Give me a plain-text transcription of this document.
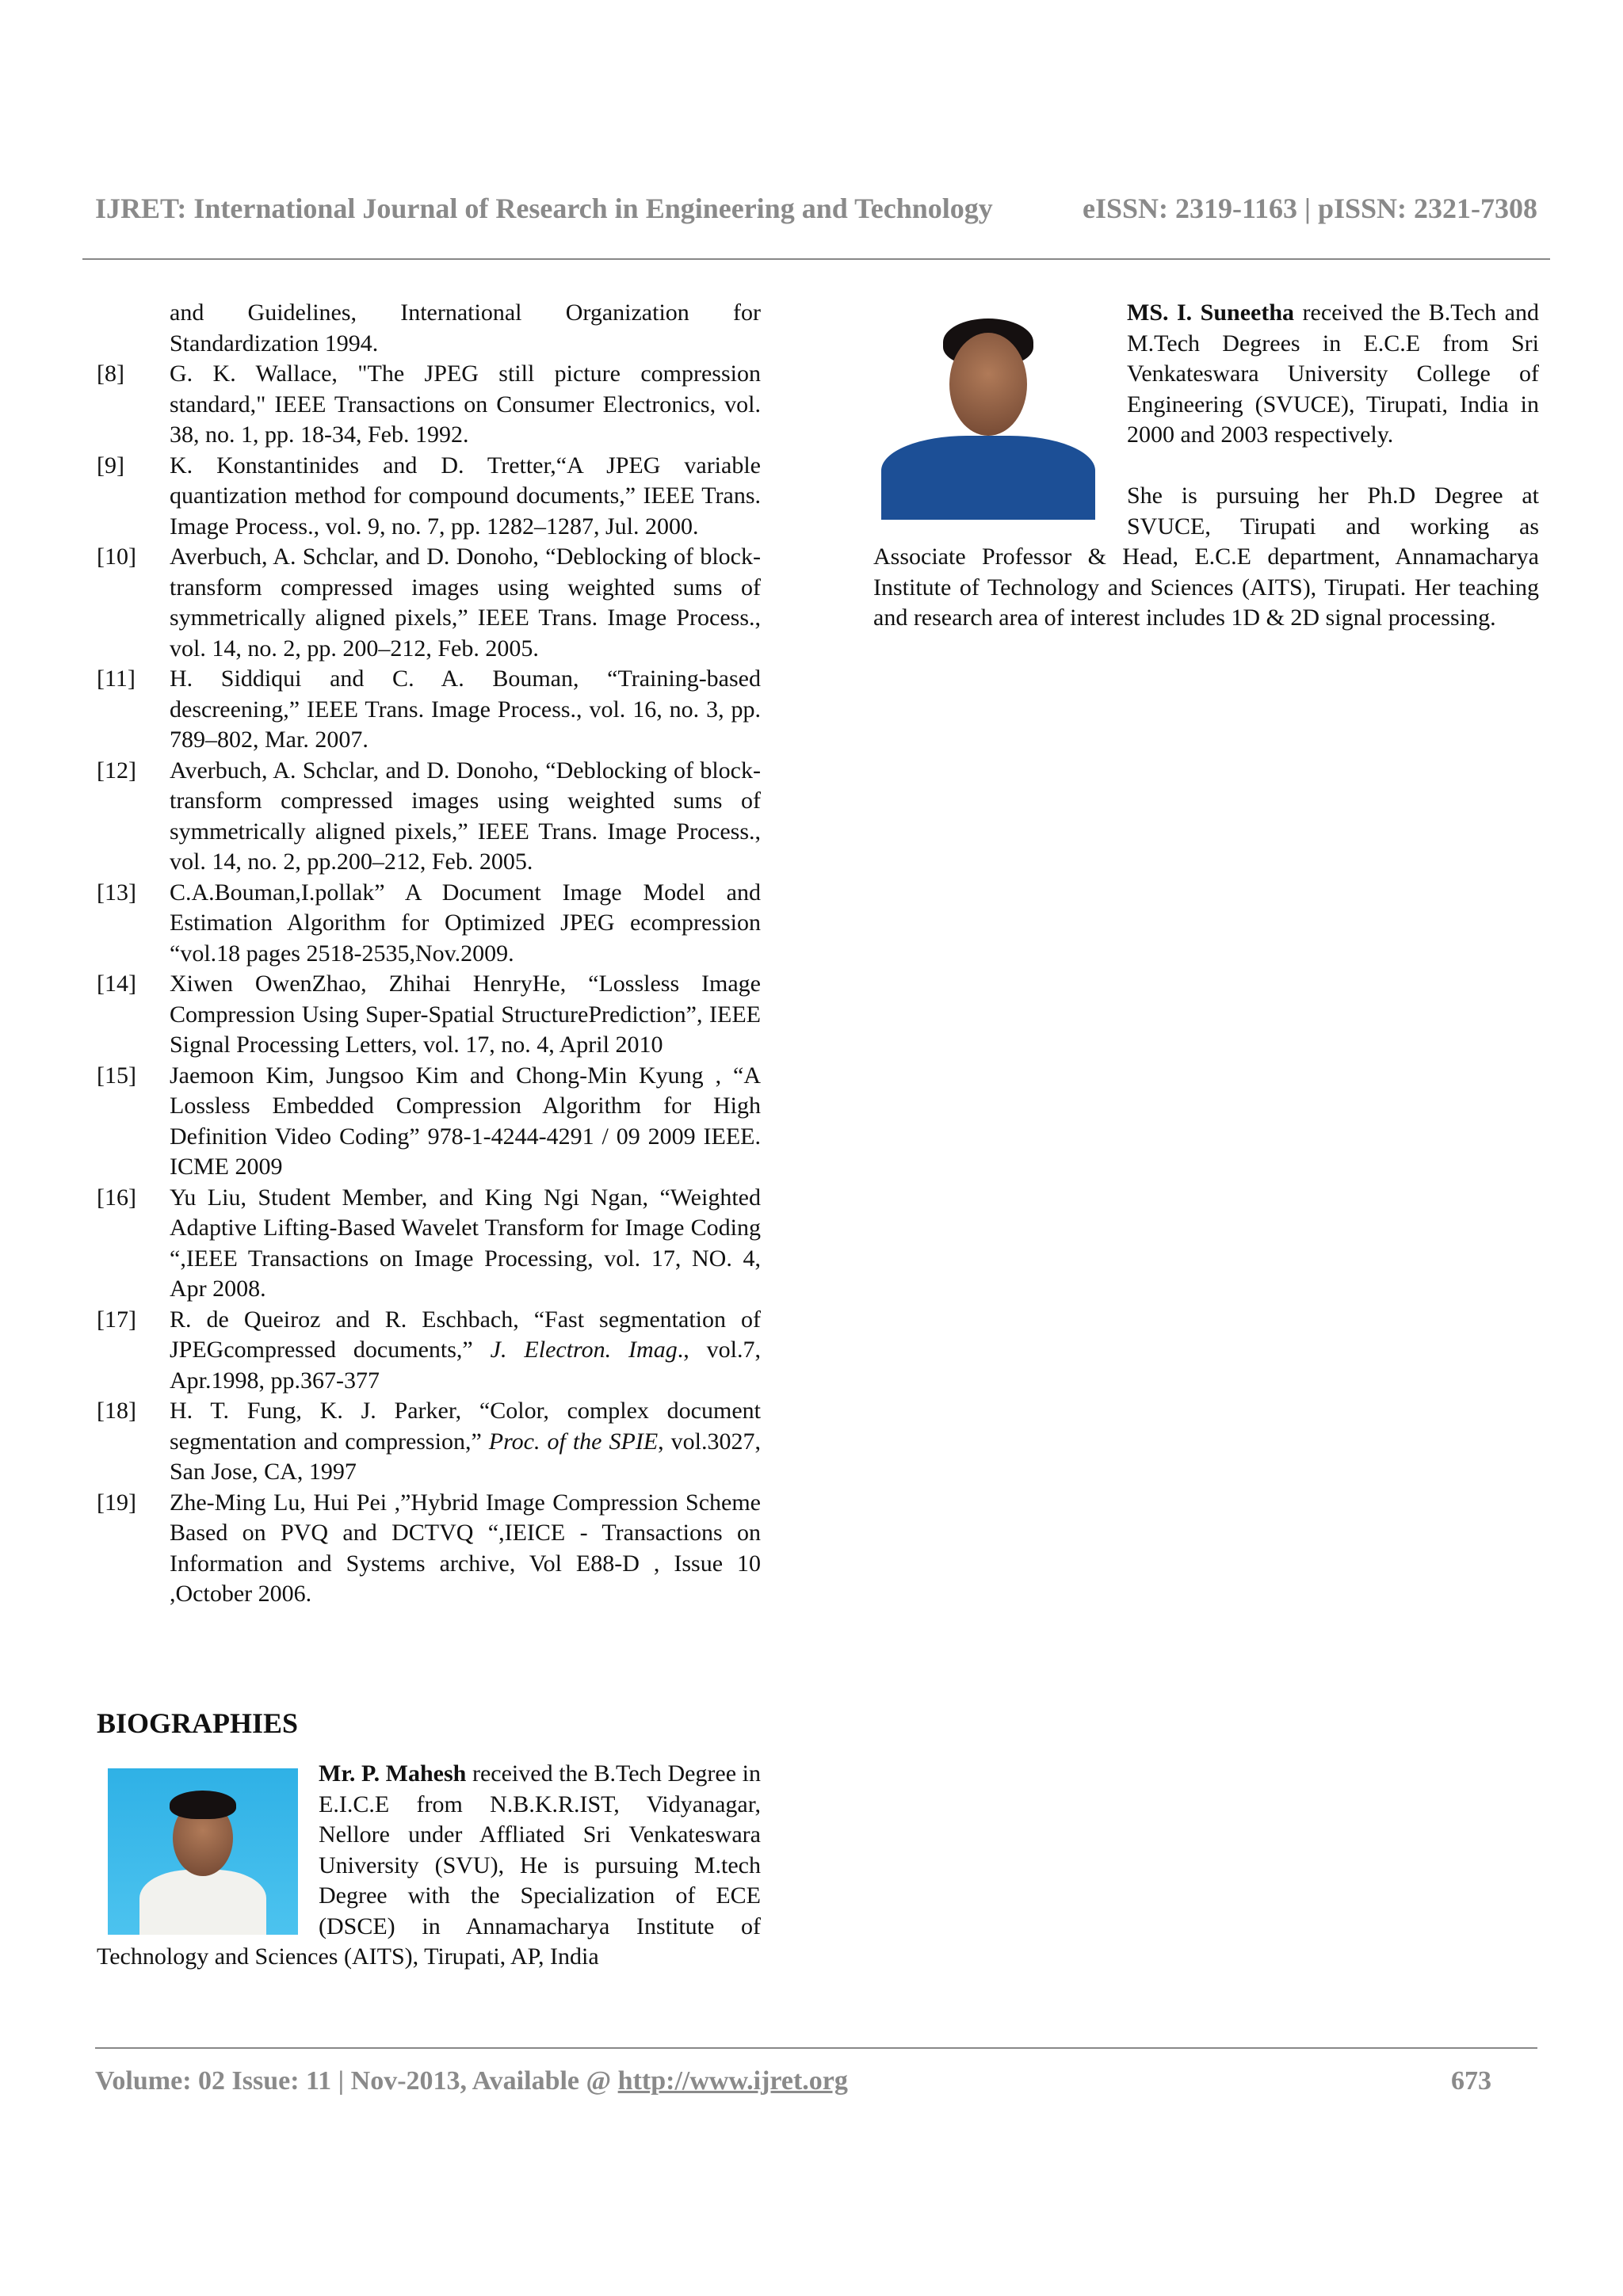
IJRET: International Journal of Research in Engineering and Technology	eISSN: 2319-1163 | pISSN: 2321-7308
and Guidelines, International Organization for Standardization 1994.
[8]	G. K. Wallace, "The JPEG still picture compression standard," IEEE Transactions on Consumer Electronics, vol. 38, no. 1, pp. 18-34, Feb. 1992.
[9]	K. Konstantinides and D. Tretter,“A JPEG variable quantization method for compound documents,” IEEE Trans. Image Process., vol. 9, no. 7, pp. 1282–1287, Jul. 2000.
[10]	Averbuch, A. Schclar, and D. Donoho, “Deblocking of block-transform compressed images using weighted sums of symmetrically aligned pixels,” IEEE Trans. Image Process., vol. 14, no. 2, pp. 200–212, Feb. 2005.
[11]	H. Siddiqui and C. A. Bouman, “Training-based descreening,” IEEE Trans. Image Process., vol. 16, no. 3, pp. 789–802, Mar. 2007.
[12]	Averbuch, A. Schclar, and D. Donoho, “Deblocking of block-transform compressed images using weighted sums of symmetrically aligned pixels,” IEEE Trans. Image Process., vol. 14, no. 2, pp.200–212, Feb. 2005.
[13]	C.A.Bouman,I.pollak” A Document Image Model and Estimation Algorithm for Optimized JPEG ecompression “vol.18 pages 2518-2535,Nov.2009.
[14]	Xiwen OwenZhao, Zhihai HenryHe, “Lossless Image Compression Using Super-Spatial StructurePrediction”, IEEE Signal Processing Letters, vol. 17, no. 4, April 2010
[15]	Jaemoon Kim, Jungsoo Kim and Chong-Min Kyung , “A Lossless Embedded Compression Algorithm for High Definition Video Coding” 978-1-4244-4291 / 09 2009 IEEE. ICME 2009
[16]	Yu Liu, Student Member, and King Ngi Ngan, “Weighted Adaptive Lifting-Based Wavelet Transform for Image Coding “,IEEE Transactions on Image Processing, vol. 17, NO. 4, Apr 2008.
[17]	R. de Queiroz and R. Eschbach, “Fast segmentation of JPEGcompressed documents,” J. Electron. Imag., vol.7, Apr.1998, pp.367-377
[18]	H. T. Fung, K. J. Parker, “Color, complex document segmentation and compression,” Proc. of the SPIE, vol.3027, San Jose, CA, 1997
[19]	Zhe-Ming Lu, Hui Pei ,”Hybrid Image Compression Scheme Based on PVQ and DCTVQ “,IEICE - Transactions on Information and Systems archive, Vol E88-D , Issue 10 ,October 2006.
BIOGRAPHIES
Mr. P. Mahesh received the B.Tech Degree in E.I.C.E from N.B.K.R.IST, Vidyanagar, Nellore under Affliated Sri Venkateswara University (SVU), He is pursuing M.tech Degree with the Specialization of ECE (DSCE) in Annamacharya Institute of Technology and Sciences (AITS), Tirupati, AP, India
MS. I. Suneetha received the B.Tech and M.Tech Degrees in E.C.E from Sri Venkateswara University College of Engineering (SVUCE), Tirupati, India in 2000 and 2003 respectively.
She is pursuing her Ph.D Degree at SVUCE, Tirupati and working as Associate Professor & Head, E.C.E department, Annamacharya Institute of Technology and Sciences (AITS), Tirupati. Her teaching and research area of interest includes 1D & 2D signal processing.
Volume: 02 Issue: 11 | Nov-2013, Available @ http://www.ijret.org	673
